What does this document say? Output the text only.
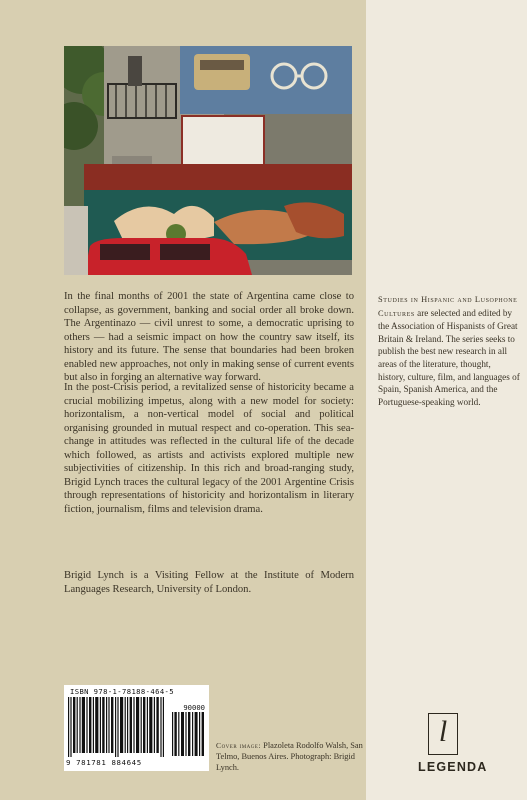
In the final months of 2001 the state of Argentina came close to collapse, as government, banking and social order all broke down. The Argentinazo — civil unrest to some, a democratic uprising to others — had a seismic impact on how the country saw itself, its history and its future. The sense that boundaries had been broken enabled new approaches, not only in making sense of current events but also in forging an alternative way forward.

In the post-Crisis period, a revitalized sense of historicity became a crucial mobilizing impetus, along with a new model for society: horizontalism, a non-vertical model of social and political organising grounded in mutual respect and co-operation. This sea-change in attitudes was reflected in the cultural life of the decade which followed, as artists and activists explored multiple new subjectivities of citizenship. In this rich and broad-ranging study, Brigid Lynch traces the cultural legacy of the 2001 Argentine Crisis through representations of historicity and horizontalism in literary fiction, journalism, films and television drama.

Brigid Lynch is a Visiting Fellow at the Institute of Modern Languages Research, University of London.

Studies in Hispanic and Lusophone Cultures are selected and edited by the Association of Hispanists of Great Britain & Ireland. The series seeks to publish the best new research in all areas of the literature, thought, history, culture, film, and languages of Spain, Spanish America, and the Portuguese-speaking world.
ISBN 978-1-78188-464-5
90000
9 781781 884645
Cover image: Plazoleta Rodolfo Walsh, San Telmo, Buenos Aires. Photograph: Brigid Lynch.
l
LEGENDA
